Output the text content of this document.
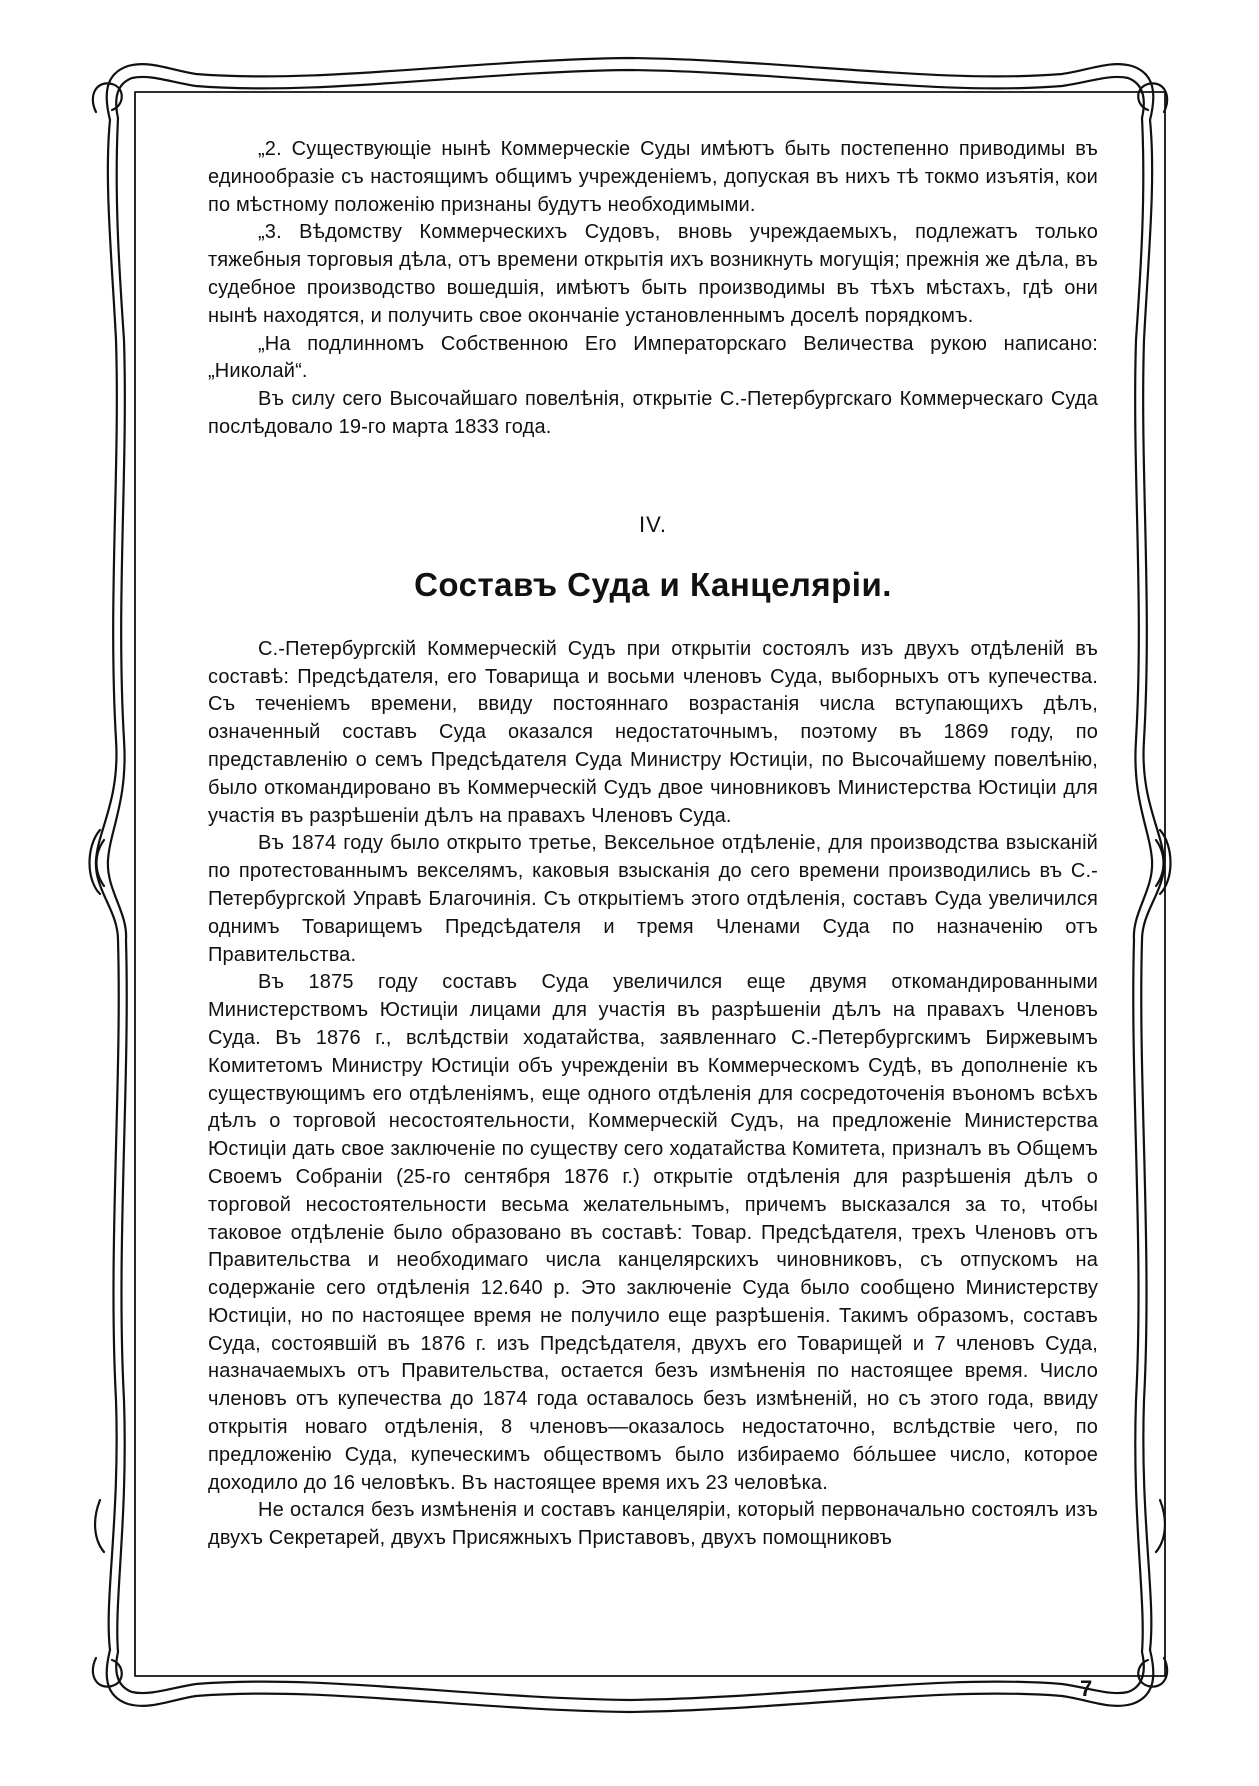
„2. Существующіе нынѣ Коммерческіе Суды имѣютъ быть постепенно приводимы въ единообразіе съ настоящимъ общимъ учрежденіемъ, допуская въ нихъ тѣ токмо изъятія, кои по мѣстному положенію признаны будутъ необходимыми.

„3. Вѣдомству Коммерческихъ Судовъ, вновь учреждаемыхъ, подлежатъ только тяжебныя торговыя дѣла, отъ времени открытія ихъ возникнуть могущія; прежнія же дѣла, въ судебное производство вошедшія, имѣютъ быть производимы въ тѣхъ мѣстахъ, гдѣ они нынѣ находятся, и получить свое окончаніе установленнымъ доселѣ порядкомъ.

„На подлинномъ Собственною Его Императорскаго Величества рукою написано: „Николай“.

Въ силу сего Высочайшаго повелѣнія, открытіе С.-Петербургскаго Коммерческаго Суда послѣдовало 19-го марта 1833 года.

IV.
Составъ Суда и Канцеляріи.

С.-Петербургскій Коммерческій Судъ при открытіи состоялъ изъ двухъ отдѣленій въ составѣ: Предсѣдателя, его Товарища и восьми членовъ Суда, выборныхъ отъ купечества. Съ теченіемъ времени, ввиду постояннаго возрастанія числа вступающихъ дѣлъ, означенный составъ Суда оказался недостаточнымъ, поэтому въ 1869 году, по представленію о семъ Предсѣдателя Суда Министру Юстиціи, по Высочайшему повелѣнію, было откомандировано въ Коммерческій Судъ двое чиновниковъ Министерства Юстиціи для участія въ разрѣшеніи дѣлъ на правахъ Членовъ Суда.

Въ 1874 году было открыто третье, Вексельное отдѣленіе, для производства взысканій по протестованнымъ векселямъ, каковыя взысканія до сего времени производились въ С.-Петербургской Управѣ Благочинія. Съ открытіемъ этого отдѣленія, составъ Суда увеличился однимъ Товарищемъ Предсѣдателя и тремя Членами Суда по назначенію отъ Правительства.

Въ 1875 году составъ Суда увеличился еще двумя откомандированными Министерствомъ Юстиціи лицами для участія въ разрѣшеніи дѣлъ на правахъ Членовъ Суда. Въ 1876 г., вслѣдствіи ходатайства, заявленнаго С.-Петербургскимъ Биржевымъ Комитетомъ Министру Юстиціи объ учрежденіи въ Коммерческомъ Судѣ, въ дополненіе къ существующимъ его отдѣленіямъ, еще одного отдѣленія для сосредоточенія въономъ всѣхъ дѣлъ о торговой несостоятельности, Коммерческій Судъ, на предложеніе Министерства Юстиціи дать свое заключеніе по существу сего ходатайства Комитета, призналъ въ Общемъ Своемъ Собраніи (25-го сентября 1876 г.) открытіе отдѣленія для разрѣшенія дѣлъ о торговой несостоятельности весьма желательнымъ, причемъ высказался за то, чтобы таковое отдѣленіе было образовано въ составѣ: Товар. Предсѣдателя, трехъ Членовъ отъ Правительства и необходимаго числа канцелярскихъ чиновниковъ, съ отпускомъ на содержаніе сего отдѣленія 12.640 р. Это заключеніе Суда было сообщено Министерству Юстиціи, но по настоящее время не получило еще разрѣшенія. Такимъ образомъ, составъ Суда, состоявшій въ 1876 г. изъ Предсѣдателя, двухъ его Товарищей и 7 членовъ Суда, назначаемыхъ отъ Правительства, остается безъ измѣненія по настоящее время. Число членовъ отъ купечества до 1874 года оставалось безъ измѣненій, но съ этого года, ввиду открытія новаго отдѣленія, 8 членовъ—оказалось недостаточно, вслѣдствіе чего, по предложенію Суда, купеческимъ обществомъ было избираемо бóльшее число, которое доходило до 16 человѣкъ. Въ настоящее время ихъ 23 человѣка.

Не остался безъ измѣненія и составъ канцеляріи, который первоначально состоялъ изъ двухъ Секретарей, двухъ Присяжныхъ Приставовъ, двухъ помощниковъ

7
